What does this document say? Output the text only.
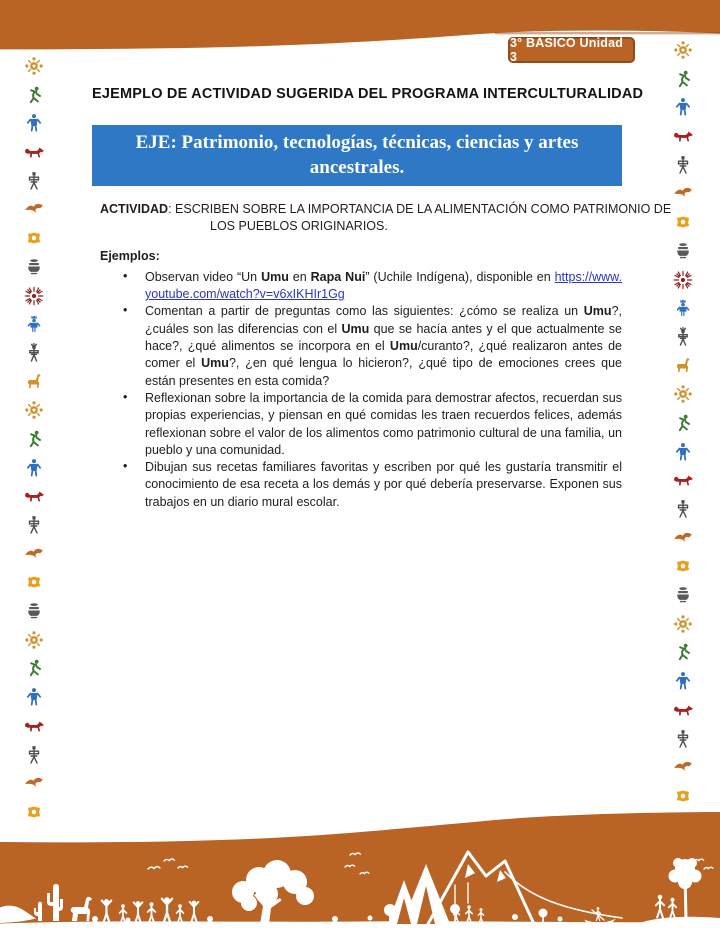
3° BÁSICO Unidad 3
EJEMPLO DE ACTIVIDAD SUGERIDA DEL PROGRAMA INTERCULTURALIDAD
EJE: Patrimonio, tecnologías, técnicas, ciencias y artes
ancestrales.
ACTIVIDAD: ESCRIBEN SOBRE LA IMPORTANCIA DE LA ALIMENTACIÓN COMO PATRIMONIO DE
LOS PUEBLOS ORIGINARIOS.
Ejemplos:
• Observan video “Un Umu en Rapa Nui” (Uchile Indígena), disponible en https://www.youtube.com/watch?v=v6xIKHIr1Gg
• Comentan a partir de preguntas como las siguientes: ¿cómo se realiza un Umu?, ¿cuáles son las diferencias con el Umu que se hacía antes y el que actualmente se hace?, ¿qué alimentos se incorpora en el Umu/curanto?, ¿qué realizaron antes de comer el Umu?, ¿en qué lengua lo hicieron?, ¿qué tipo de emociones crees que están presentes en esta comida?
• Reflexionan sobre la importancia de la comida para demostrar afectos, recuerdan sus propias experiencias, y piensan en qué comidas les traen recuerdos felices, además reflexionan sobre el valor de los alimentos como patrimonio cultural de una familia, un pueblo y una comunidad.
• Dibujan sus recetas familiares favoritas y escriben por qué les gustaría transmitir el conocimiento de esa receta a los demás y por qué debería preservarse. Exponen sus trabajos en un diario mural escolar.
